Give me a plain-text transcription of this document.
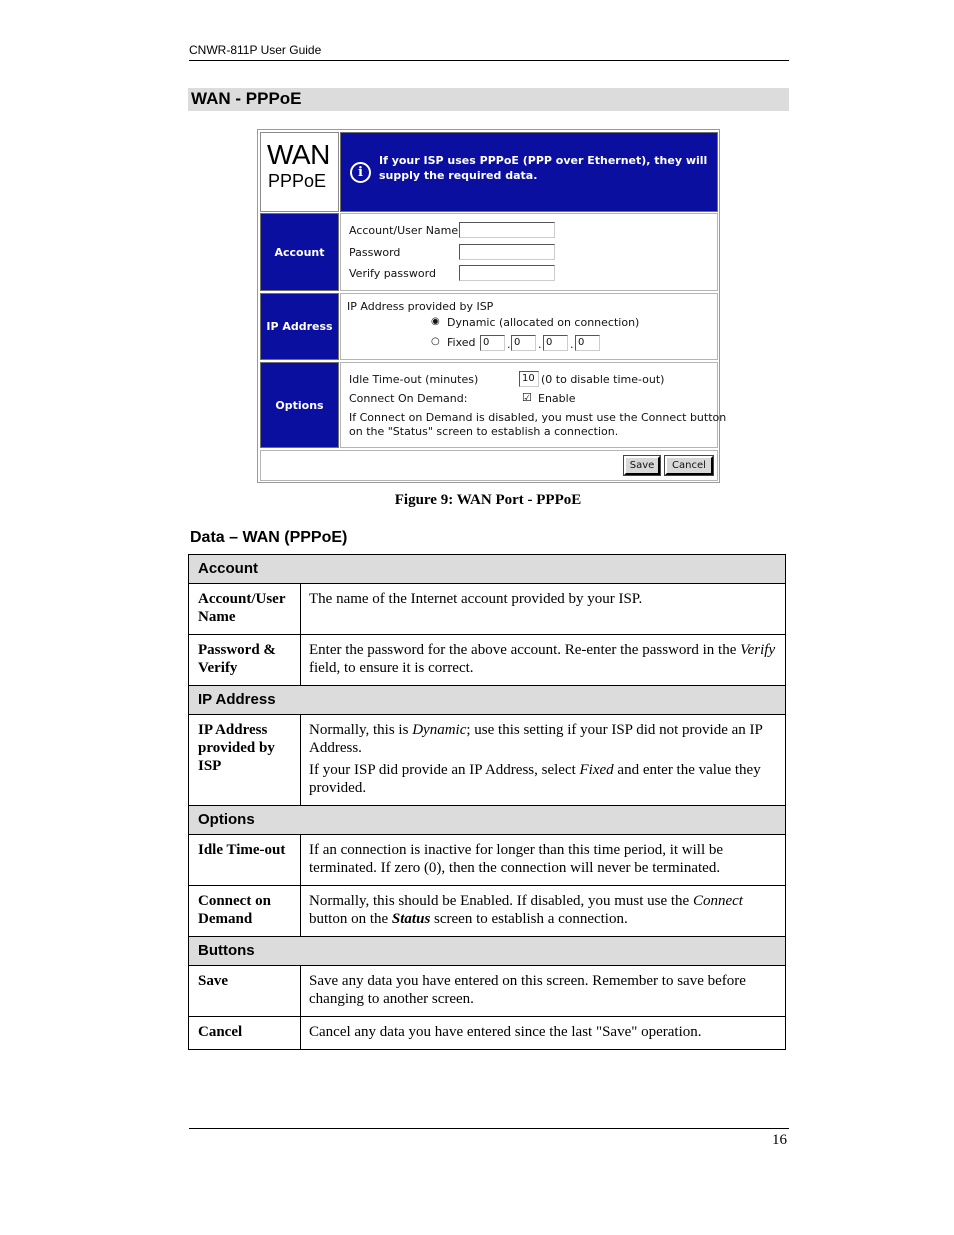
CNWR-811P User Guide
WAN - PPPoE
WAN
PPPoE	i
If your ISP uses PPPoE (PPP over Ethernet), they will supply the required data.
Account
Account/User Name
Password
Verify password
IP Address
IP Address provided by ISP
◉ Dynamic (allocated on connection)
○ Fixed 0	. 0	. 0	. 0
Options
Idle Time-out (minutes)	10 (0 to disable time-out)
Connect On Demand:	☑ Enable
If Connect on Demand is disabled, you must use the Connect button
on the "Status" screen to establish a connection.
Save	Cancel
Figure 9: WAN Port - PPPoE
Data – WAN (PPPoE)
Account	
Account/User Name	The name of the Internet account provided by your ISP.
Password & Verify	Enter the password for the above account. Re-enter the password in the Verify field, to ensure it is correct.
IP Address	
IP Address provided by ISP	Normally, this is Dynamic; use this setting if your ISP did not provide an IP Address.

If your ISP did provide an IP Address, select Fixed and enter the value they provided.

Options	
Idle Time-out	If an connection is inactive for longer than this time period, it will be terminated. If zero (0), then the connection will never be terminated.
Connect on Demand	Normally, this should be Enabled. If disabled, you must use the Connect button on the Status screen to establish a connection.
Buttons	
Save	Save any data you have entered on this screen. Remember to save before changing to another screen.
Cancel	Cancel any data you have entered since the last "Save" operation.
16
